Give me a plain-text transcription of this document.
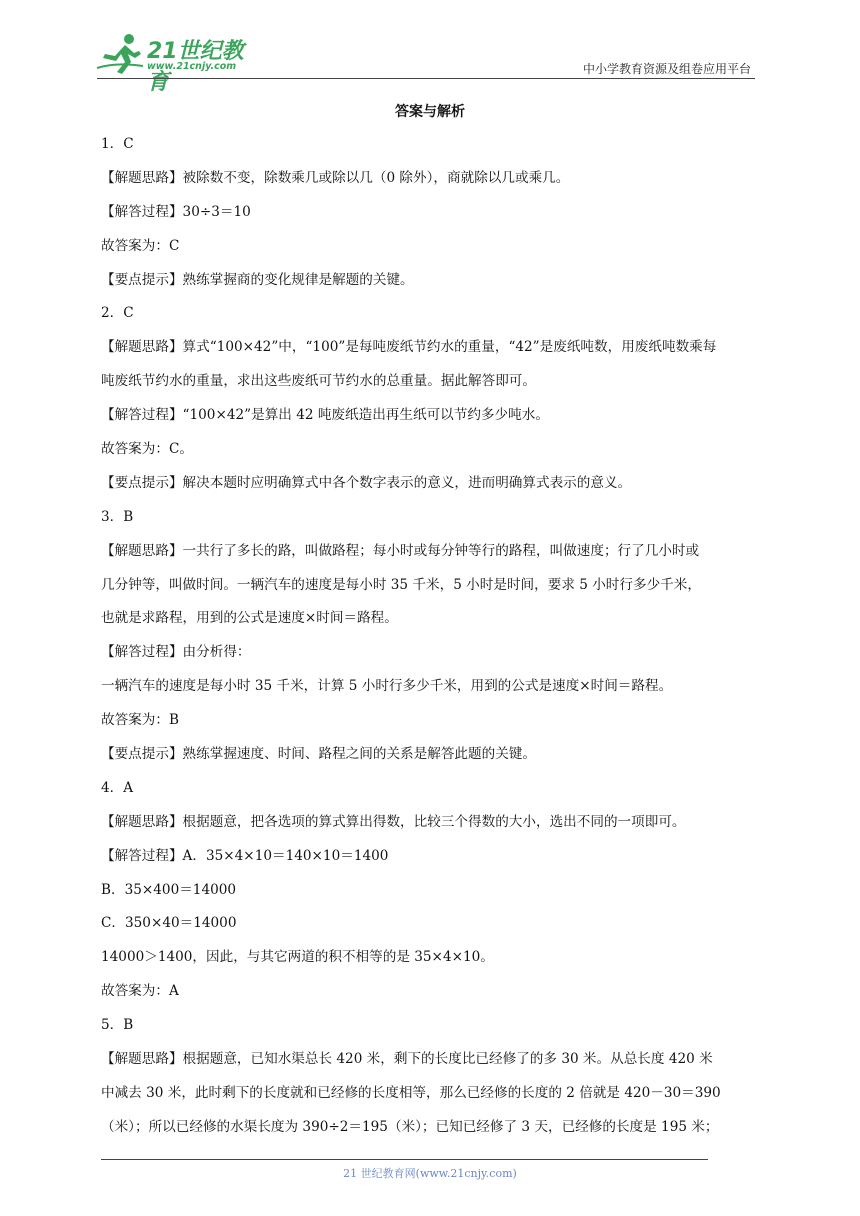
21世纪教育
www.21cnjy.com	中小学教育资源及组卷应用平台
答案与解析
1．C
【解题思路】被除数不变，除数乘几或除以几（0 除外），商就除以几或乘几。
【解答过程】30÷3＝10
故答案为：C
【要点提示】熟练掌握商的变化规律是解题的关键。
2．C
【解题思路】算式“100×42”中，“100”是每吨废纸节约水的重量，“42”是废纸吨数，用废纸吨数乘每
吨废纸节约水的重量，求出这些废纸可节约水的总重量。据此解答即可。
【解答过程】“100×42”是算出 42 吨废纸造出再生纸可以节约多少吨水。
故答案为：C。
【要点提示】解决本题时应明确算式中各个数字表示的意义，进而明确算式表示的意义。
3．B
【解题思路】一共行了多长的路，叫做路程；每小时或每分钟等行的路程，叫做速度；行了几小时或
几分钟等，叫做时间。一辆汽车的速度是每小时 35 千米，5 小时是时间，要求 5 小时行多少千米，
也就是求路程，用到的公式是速度×时间＝路程。
【解答过程】由分析得：
一辆汽车的速度是每小时 35 千米，计算 5 小时行多少千米，用到的公式是速度×时间＝路程。
故答案为：B
【要点提示】熟练掌握速度、时间、路程之间的关系是解答此题的关键。
4．A
【解题思路】根据题意，把各选项的算式算出得数，比较三个得数的大小，选出不同的一项即可。
【解答过程】A．35×4×10＝140×10＝1400
B．35×400＝14000
C．350×40＝14000
14000＞1400，因此，与其它两道的积不相等的是 35×4×10。
故答案为：A
5．B
【解题思路】根据题意，已知水渠总长 420 米，剩下的长度比已经修了的多 30 米。从总长度 420 米
中减去 30 米，此时剩下的长度就和已经修的长度相等，那么已经修的长度的 2 倍就是 420－30＝390
（米）；所以已经修的水渠长度为 390÷2＝195（米）；已知已经修了 3 天，已经修的长度是 195 米；
21 世纪教育网(www.21cnjy.com)
